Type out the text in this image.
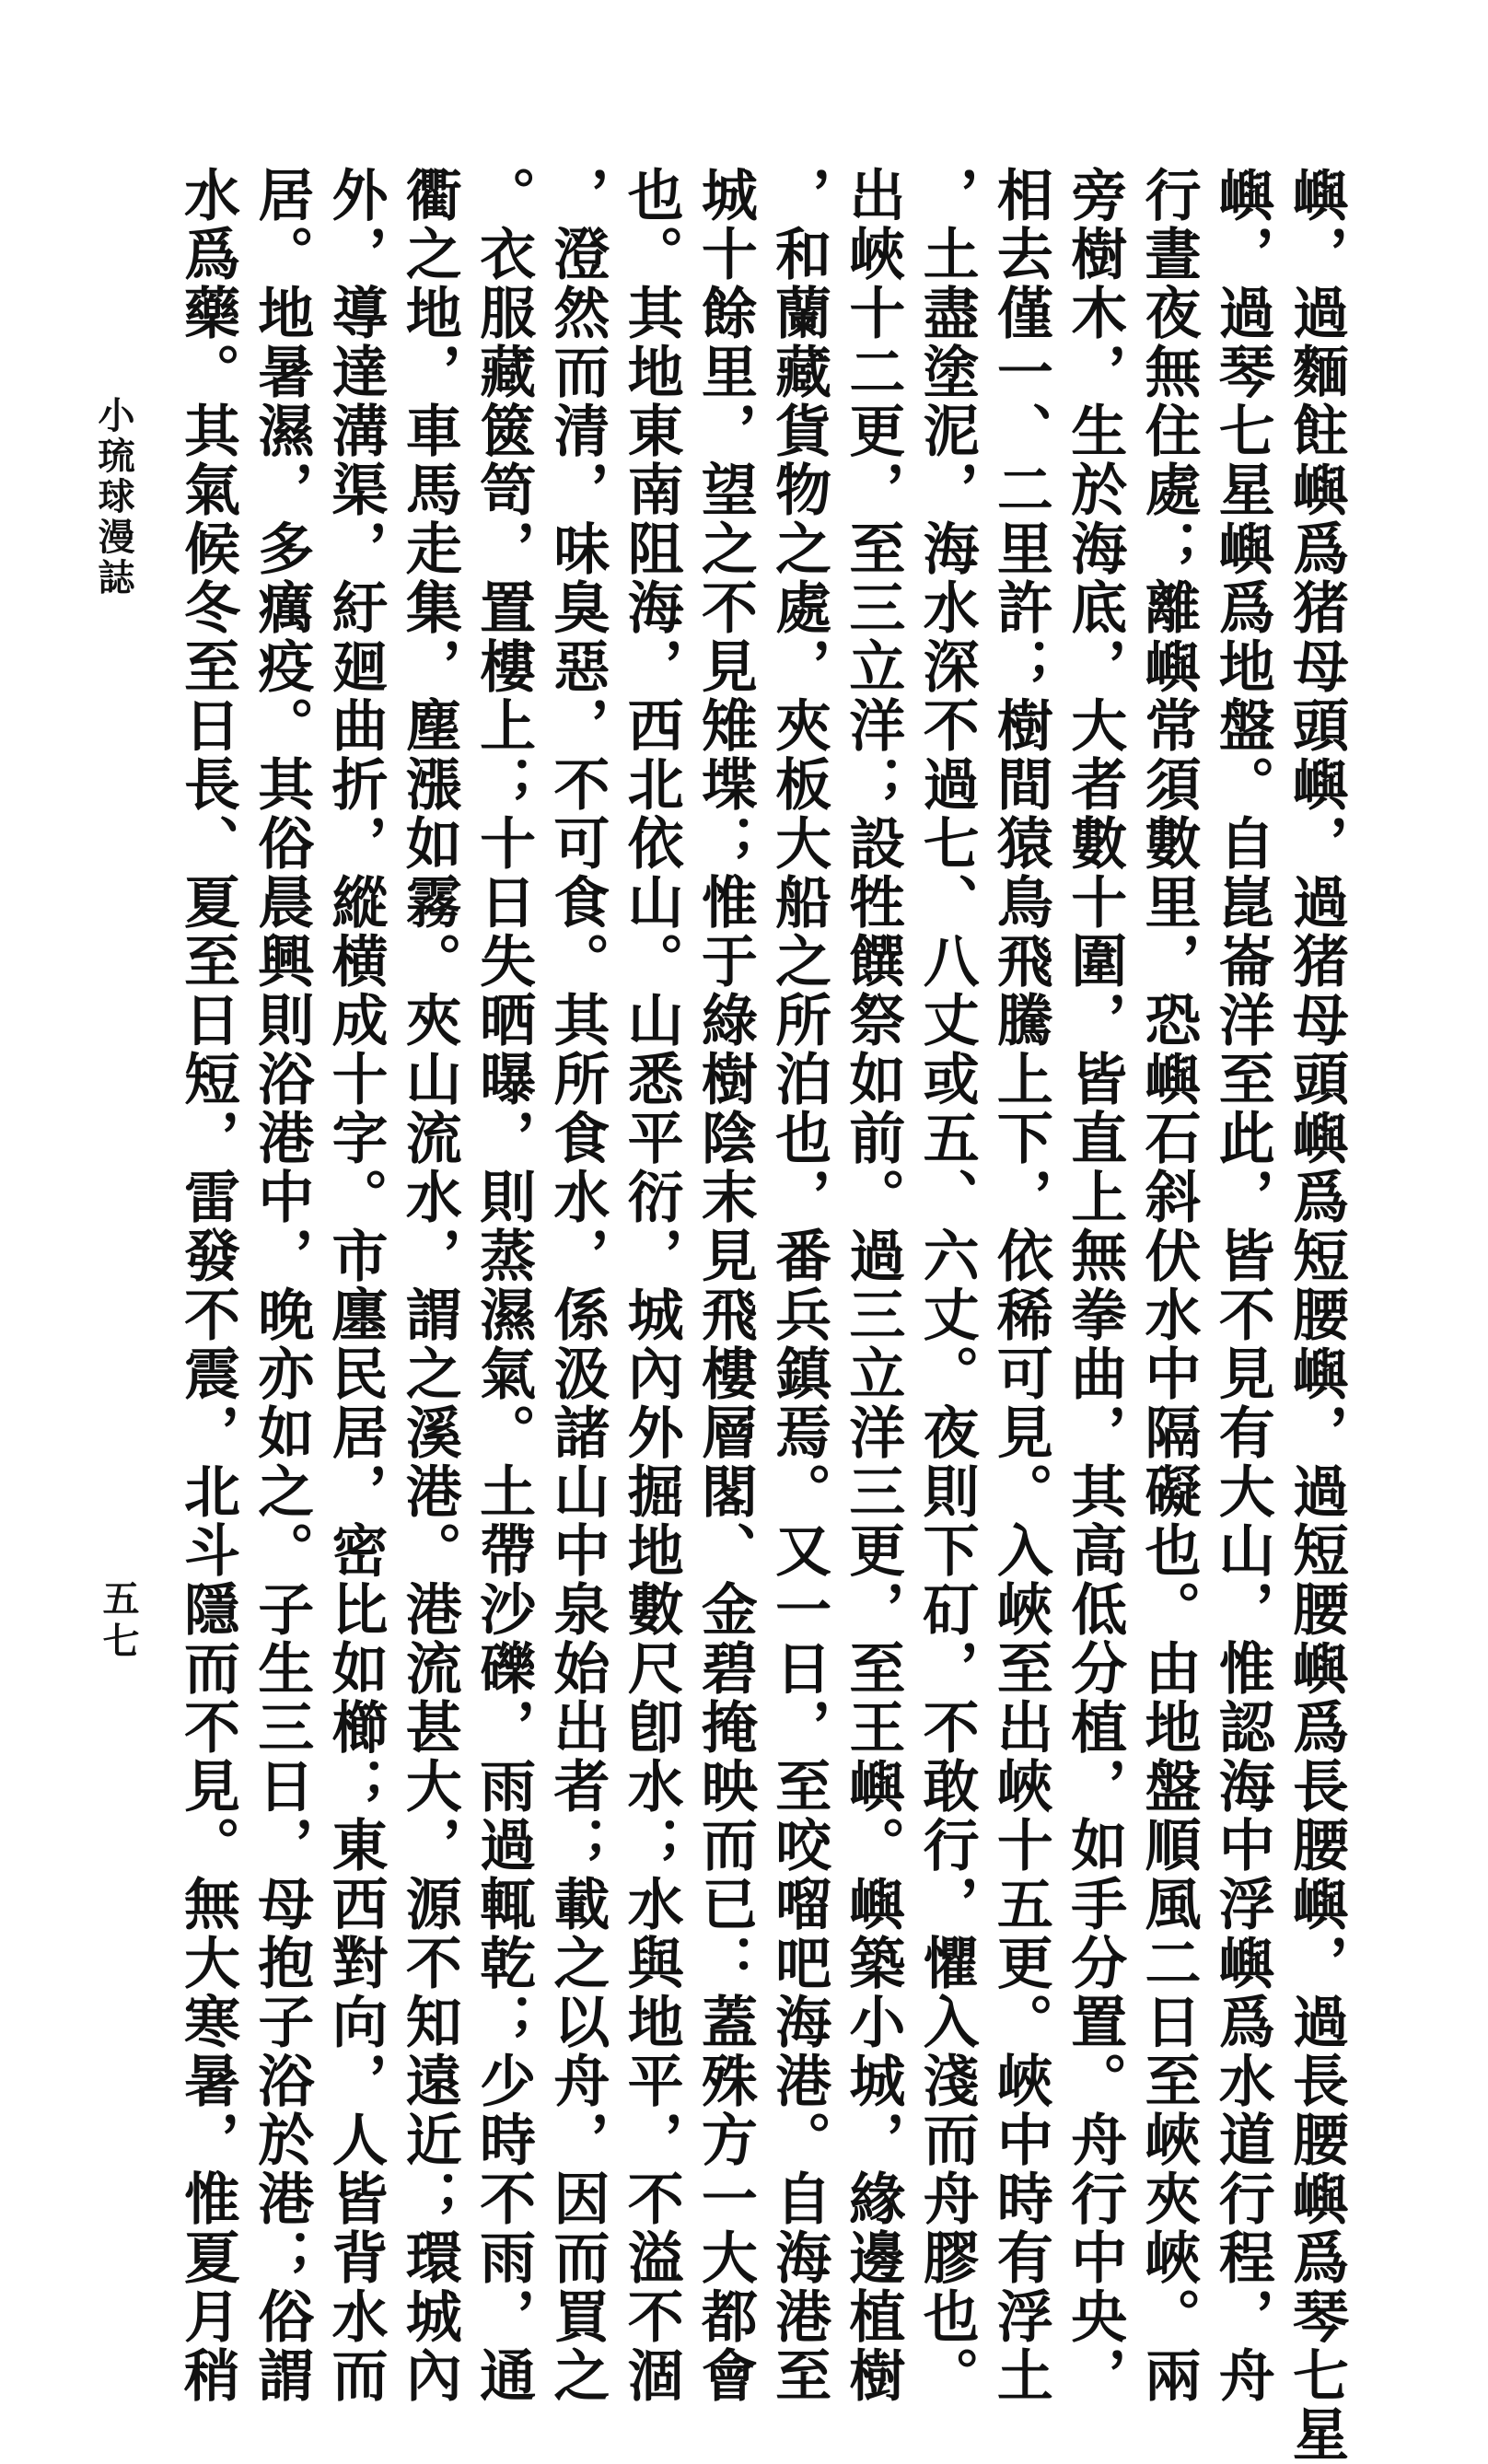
嶼，過麵飳嶼爲猪母頭嶼，過猪母頭嶼爲短腰嶼，過短腰嶼爲長腰嶼，過長腰嶼爲琴七星
嶼，過琴七星嶼爲地盤。自崑崙洋至此，皆不見有大山，惟認海中浮嶼爲水道行程，舟
行晝夜無住處；離嶼常須數里，恐嶼石斜伏水中隔礙也。由地盤順風二日至峽夾峽。兩
旁樹木，生於海底，大者數十圍，皆直上無拳曲，其高低分植，如手分置。舟行中央，
相去僅一、二里許；樹間猿鳥飛騰上下，依稀可見。入峽至出峽十五更。峽中時有浮土
，土盡塗泥，海水深不過七、八丈或五、六丈。夜則下矴，不敢行，懼入淺而舟膠也。
出峽十二更，至三立洋；設牲饌祭如前。過三立洋三更，至王嶼。嶼築小城，緣邊植樹
，和蘭藏貨物之處，夾板大船之所泊也，番兵鎮焉。又一日，至咬𠺕吧海港。自海港至
城十餘里，望之不見雉堞；惟于綠樹陰末見飛樓層閣、金碧掩映而已：蓋殊方一大都會
也。其地東南阻海，西北依山。山悉平衍，城內外掘地數尺卽水；水與地平，不溢不涸
，澄然而清，味臭惡，不可食。其所食水，係汲諸山中泉始出者；載之以舟，因而買之
。衣服藏篋笥，置樓上；十日失晒曝，則蒸濕氣。土帶沙礫，雨過輒乾；少時不雨，通
衢之地，車馬走集，塵漲如霧。夾山流水，謂之溪港。港流甚大，源不知遠近；環城內
外，導達溝渠，紆廻曲折，縱横成十字。市廛民居，密比如櫛；東西對向，人皆背水而
居。地暑濕，多癘疫。其俗晨興則浴港中，晚亦如之。子生三日，母抱子浴於港；俗謂
水爲藥。其氣候冬至日長、夏至日短，雷發不震，北斗隱而不見。無大寒暑，惟夏月稍
小琉球漫誌
五七
